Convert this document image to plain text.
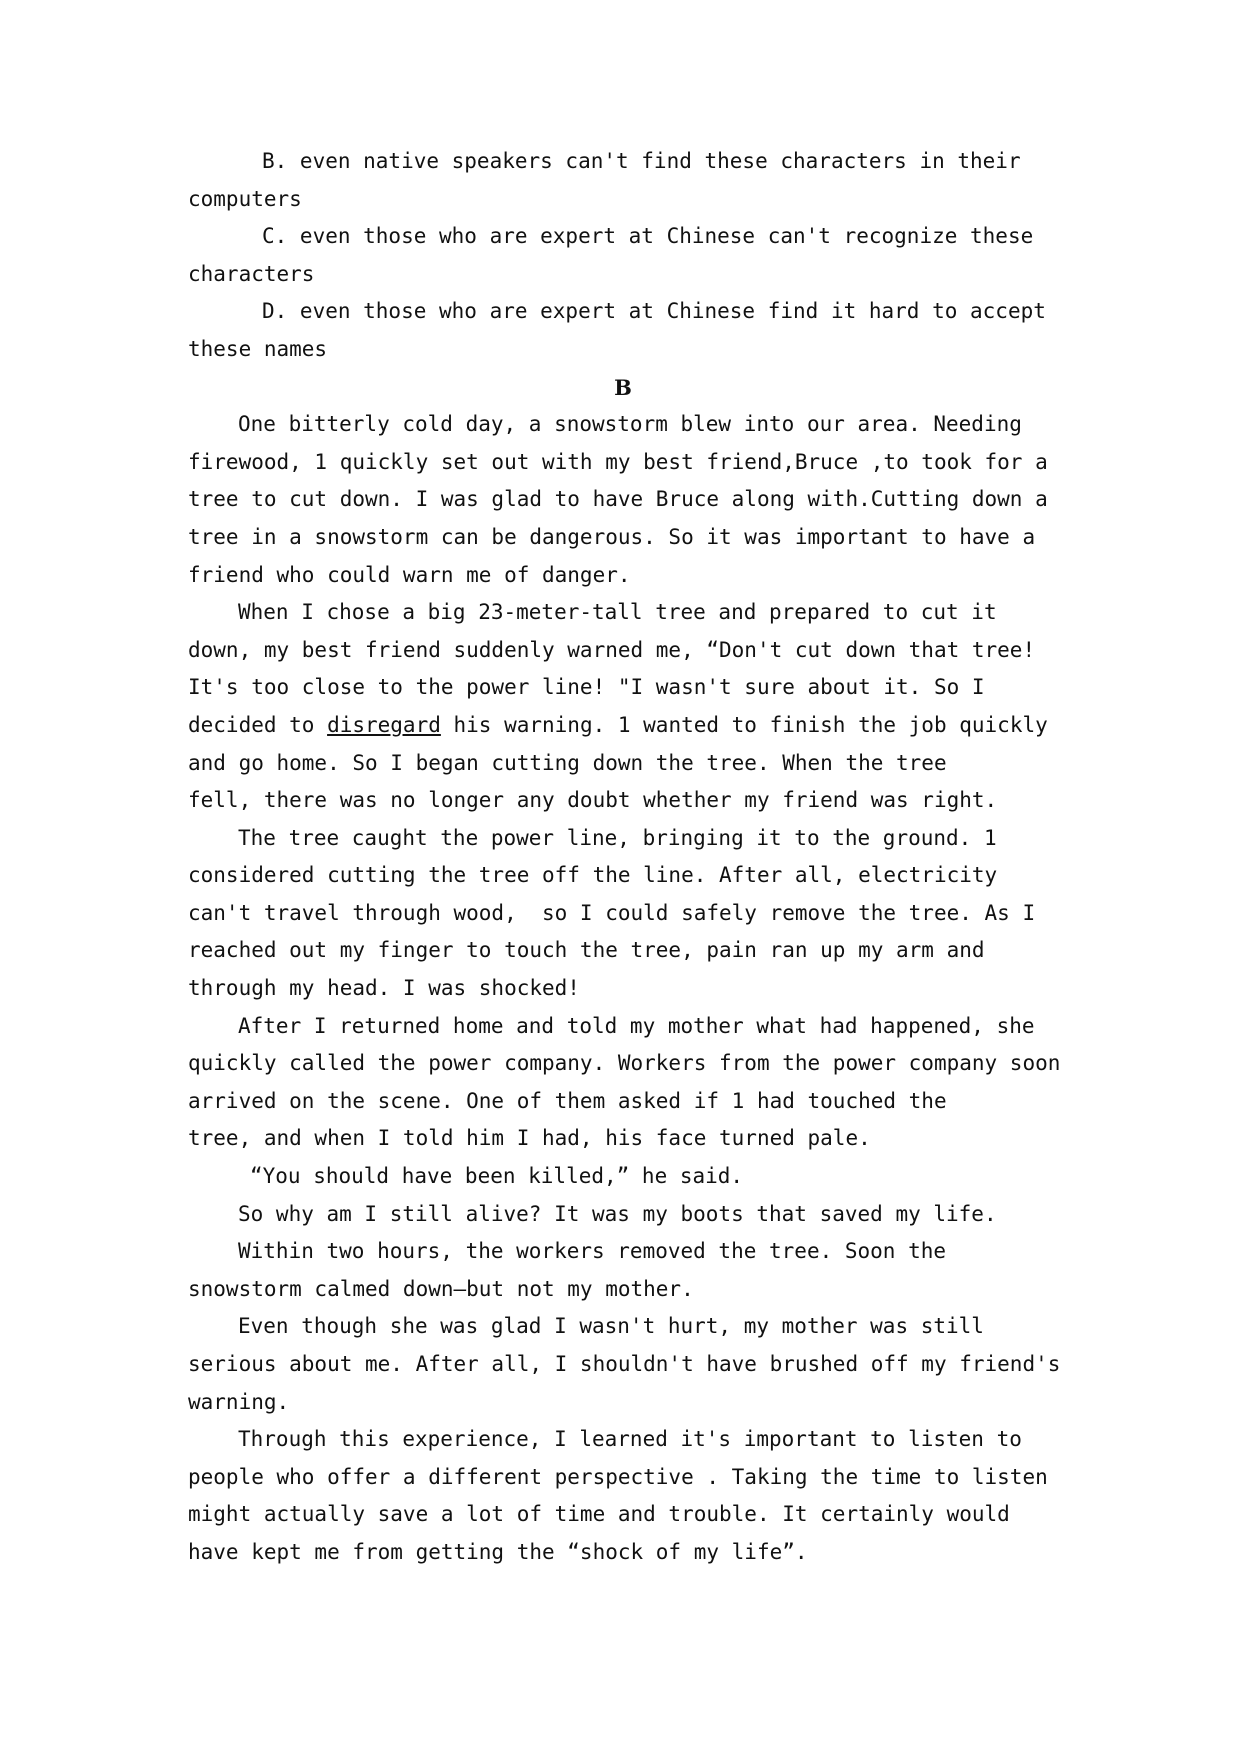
B. even native speakers can't find these characters in their
computers
C. even those who are expert at Chinese can't recognize these
characters
D. even those who are expert at Chinese find it hard to accept
these names
B
One bitterly cold day, a snowstorm blew into our area. Needing
firewood, 1 quickly set out with my best friend,Bruce ,to took for a
tree to cut down. I was glad to have Bruce along with.Cutting down a
tree in a snowstorm can be dangerous. So it was important to have a
friend who could warn me of danger.
When I chose a big 23-meter-tall tree and prepared to cut it
down, my best friend suddenly warned me, “Don't cut down that tree!
It's too close to the power line! "I wasn't sure about it. So I
decided to disregard his warning. 1 wanted to finish the job quickly
and go home. So I began cutting down the tree. When the tree
fell, there was no longer any doubt whether my friend was right.
The tree caught the power line, bringing it to the ground. 1
considered cutting the tree off the line. After all, electricity
can't travel through wood,  so I could safely remove the tree. As I
reached out my finger to touch the tree, pain ran up my arm and
through my head. I was shocked!
After I returned home and told my mother what had happened, she
quickly called the power company. Workers from the power company soon
arrived on the scene. One of them asked if 1 had touched the
tree, and when I told him I had, his face turned pale.
“You should have been killed,” he said.
So why am I still alive? It was my boots that saved my life.
Within two hours, the workers removed the tree. Soon the
snowstorm calmed down—but not my mother.
Even though she was glad I wasn't hurt, my mother was still
serious about me. After all, I shouldn't have brushed off my friend's
warning.
Through this experience, I learned it's important to listen to
people who offer a different perspective . Taking the time to listen
might actually save a lot of time and trouble. It certainly would
have kept me from getting the “shock of my life”.
